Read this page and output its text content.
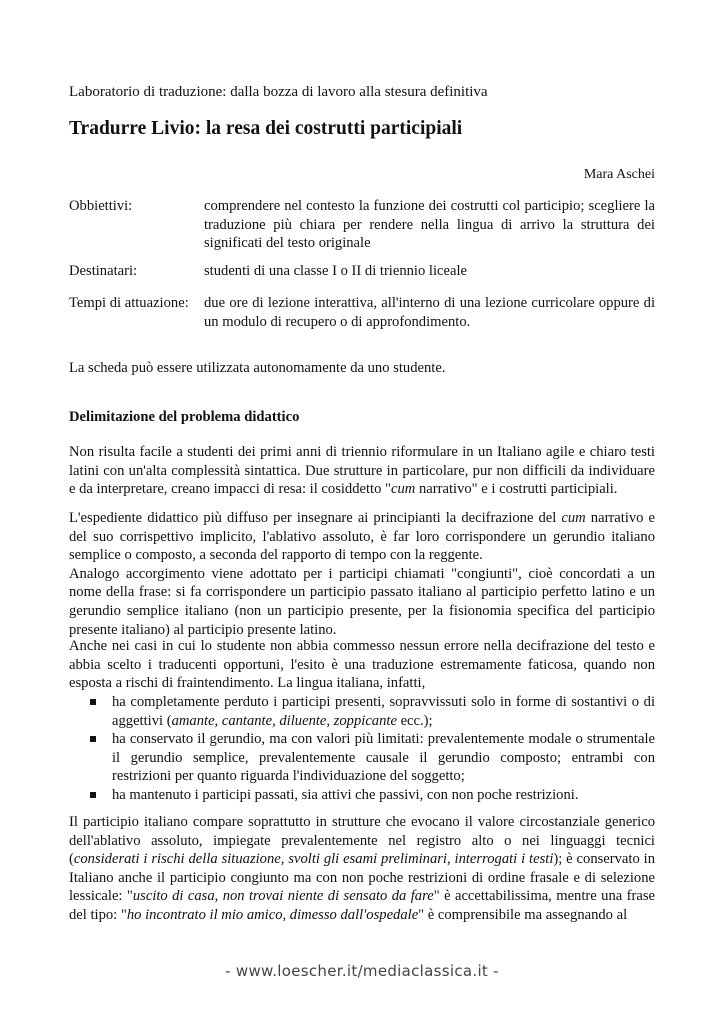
Laboratorio di traduzione: dalla bozza di lavoro alla stesura definitiva
Tradurre Livio: la resa dei costrutti participiali
Mara Aschei
Obbiettivi:	comprendere nel contesto la funzione dei costrutti col participio; scegliere la traduzione più chiara per rendere nella lingua di arrivo la struttura dei significati del testo originale
Destinatari:	studenti di una classe I o II di triennio liceale
Tempi di attuazione:	due ore di lezione interattiva, all'interno di una lezione curricolare oppure di un modulo di recupero o di approfondimento.
La scheda può essere utilizzata autonomamente da uno studente.
Delimitazione del problema didattico
Non risulta facile a studenti dei primi anni di triennio riformulare in un Italiano agile e chiaro testi latini con un'alta complessità sintattica. Due strutture in particolare, pur non difficili da individuare e da interpretare, creano impacci di resa: il cosiddetto "cum narrativo" e i costrutti participiali.
L'espediente didattico più diffuso per insegnare ai principianti la decifrazione del cum narrativo e del suo corrispettivo implicito, l'ablativo assoluto, è far loro corrispondere un gerundio italiano semplice o composto, a seconda del rapporto di tempo con la reggente.
Analogo accorgimento viene adottato per i participi chiamati "congiunti", cioè concordati a un nome della frase: si fa corrispondere un participio passato italiano al participio perfetto latino e un gerundio semplice italiano (non un participio presente, per la fisionomia specifica del participio presente italiano) al participio presente latino.
Anche nei casi in cui lo studente non abbia commesso nessun errore nella decifrazione del testo e abbia scelto i traducenti opportuni, l'esito è una traduzione estremamente faticosa, quando non esposta a rischi di fraintendimento. La lingua italiana, infatti,
ha completamente perduto i participi presenti, sopravvissuti solo in forme di sostantivi o di aggettivi (amante, cantante, diluente, zoppicante ecc.);
ha conservato il gerundio, ma con valori più limitati: prevalentemente modale o strumentale il gerundio semplice, prevalentemente causale il gerundio composto; entrambi con restrizioni per quanto riguarda l'individuazione del soggetto;
ha mantenuto i participi passati, sia attivi che passivi, con non poche restrizioni.
Il participio italiano compare soprattutto in strutture che evocano il valore circostanziale generico dell'ablativo assoluto, impiegate prevalentemente nel registro alto o nei linguaggi tecnici (considerati i rischi della situazione, svolti gli esami preliminari, interrogati i testi); è conservato in Italiano anche il participio congiunto ma con non poche restrizioni di ordine frasale e di selezione lessicale: "uscito di casa, non trovai niente di sensato da fare" è accettabilissima, mentre una frase del tipo: "ho incontrato il mio amico, dimesso dall'ospedale" è comprensibile ma assegnando al
- www.loescher.it/mediaclassica.it -
